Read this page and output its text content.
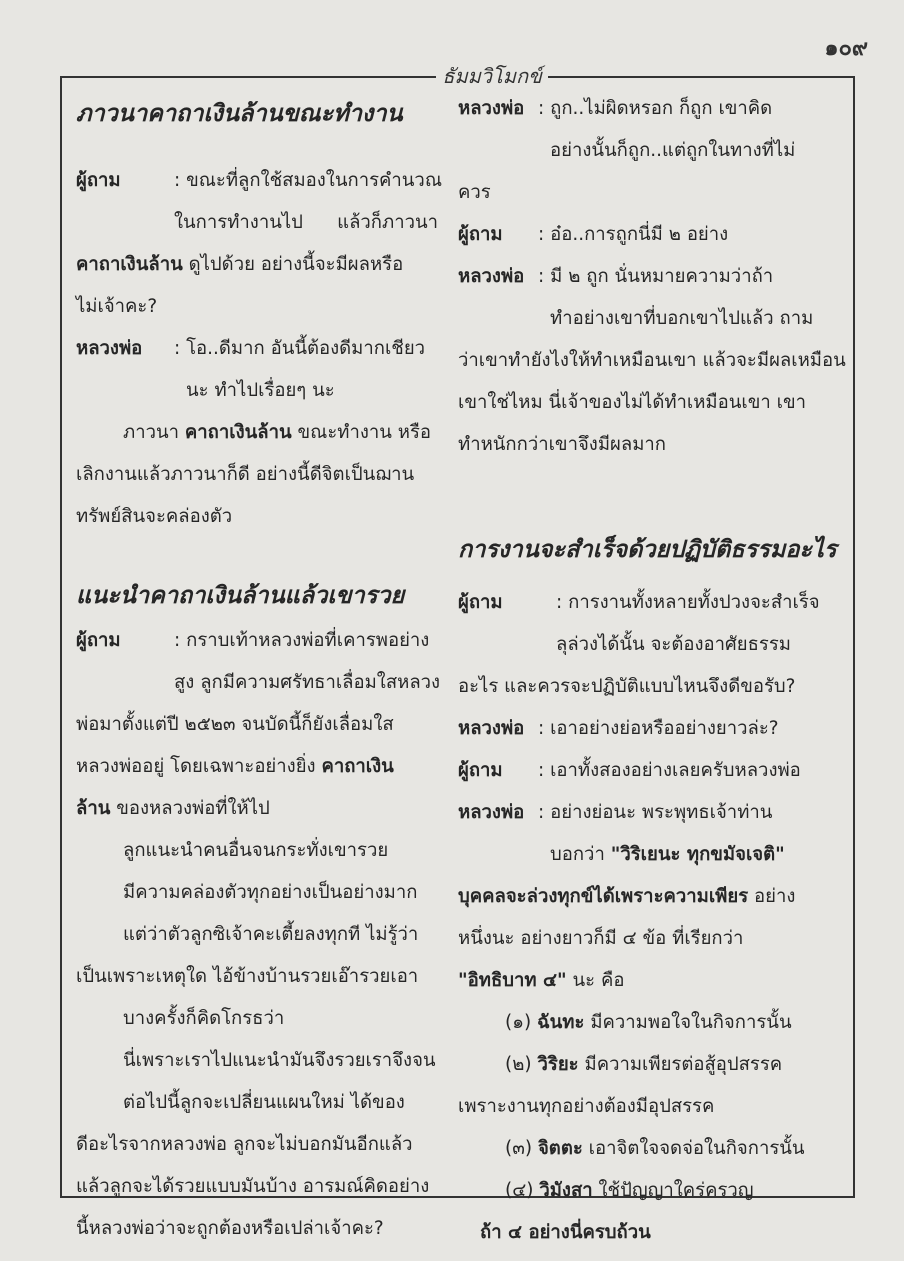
๑๐๙
ธัมมวิโมกข์
ภาวนาคาถาเงินล้านขณะทำงาน
ผู้ถาม	: ขณะที่ลูกใช้สมองในการคำนวณ
ในการทำงานไป แล้วก็ภาวนา
คาถาเงินล้าน ดูไปด้วย อย่างนี้จะมีผลหรือ
ไม่เจ้าคะ?
หลวงพ่อ : โอ..ดีมาก อันนี้ต้องดีมากเชียว
นะ ทำไปเรื่อยๆ นะ
ภาวนา คาถาเงินล้าน ขณะทำงาน หรือ
เลิกงานแล้วภาวนาก็ดี อย่างนี้ดีจิตเป็นฌาน
ทรัพย์สินจะคล่องตัว
แนะนำคาถาเงินล้านแล้วเขารวย
ผู้ถาม	: กราบเท้าหลวงพ่อที่เคารพอย่าง
สูง ลูกมีความศรัทธาเลื่อมใสหลวง
พ่อมาตั้งแต่ปี ๒๕๒๓ จนบัดนี้ก็ยังเลื่อมใส
หลวงพ่ออยู่ โดยเฉพาะอย่างยิ่ง คาถาเงิน
ล้าน ของหลวงพ่อที่ให้ไป
ลูกแนะนำคนอื่นจนกระทั่งเขารวย
มีความคล่องตัวทุกอย่างเป็นอย่างมาก
แต่ว่าตัวลูกซิเจ้าคะเตี้ยลงทุกที ไม่รู้ว่า
เป็นเพราะเหตุใด ไอ้ข้างบ้านรวยเอ๊ารวยเอา
บางครั้งก็คิดโกรธว่า
นี่เพราะเราไปแนะนำมันจึงรวยเราจึงจน
ต่อไปนี้ลูกจะเปลี่ยนแผนใหม่ ได้ของ
ดีอะไรจากหลวงพ่อ ลูกจะไม่บอกมันอีกแล้ว
แล้วลูกจะได้รวยแบบมันบ้าง อารมณ์คิดอย่าง
นี้หลวงพ่อว่าจะถูกต้องหรือเปล่าเจ้าคะ?
หลวงพ่อ : ถูก..ไม่ผิดหรอก ก็ถูก เขาคิด
อย่างนั้นก็ถูก..แต่ถูกในทางที่ไม่
ควร
ผู้ถาม : อ๋อ..การถูกนี่มี ๒ อย่าง
หลวงพ่อ : มี ๒ ถูก นั่นหมายความว่าถ้า
ทำอย่างเขาที่บอกเขาไปแล้ว ถาม
ว่าเขาทำยังไงให้ทำเหมือนเขา แล้วจะมีผลเหมือน
เขาใช่ไหม นี่เจ้าของไม่ได้ทำเหมือนเขา เขา
ทำหนักกว่าเขาจึงมีผลมาก
การงานจะสำเร็จด้วยปฏิบัติธรรมอะไร
ผู้ถาม	: การงานทั้งหลายทั้งปวงจะสำเร็จ
ลุล่วงได้นั้น จะต้องอาศัยธรรม
อะไร และควรจะปฏิบัติแบบไหนจึงดีขอรับ?
หลวงพ่อ : เอาอย่างย่อหรืออย่างยาวล่ะ?
ผู้ถาม : เอาทั้งสองอย่างเลยครับหลวงพ่อ
หลวงพ่อ : อย่างย่อนะ พระพุทธเจ้าท่าน
บอกว่า "วิริเยนะ ทุกขมัจเจติ"
บุคคลจะล่วงทุกข์ได้เพราะความเพียร อย่าง
หนึ่งนะ อย่างยาวก็มี ๔ ข้อ ที่เรียกว่า
"อิทธิบาท ๔" นะ คือ
(๑) ฉันทะ มีความพอใจในกิจการนั้น
(๒) วิริยะ มีความเพียรต่อสู้อุปสรรค
เพราะงานทุกอย่างต้องมีอุปสรรค
(๓) จิตตะ เอาจิตใจจดจ่อในกิจการนั้น
(๔) วิมังสา ใช้ปัญญาใคร่ครวญ
ถ้า ๔ อย่างนี่ครบถ้วน
